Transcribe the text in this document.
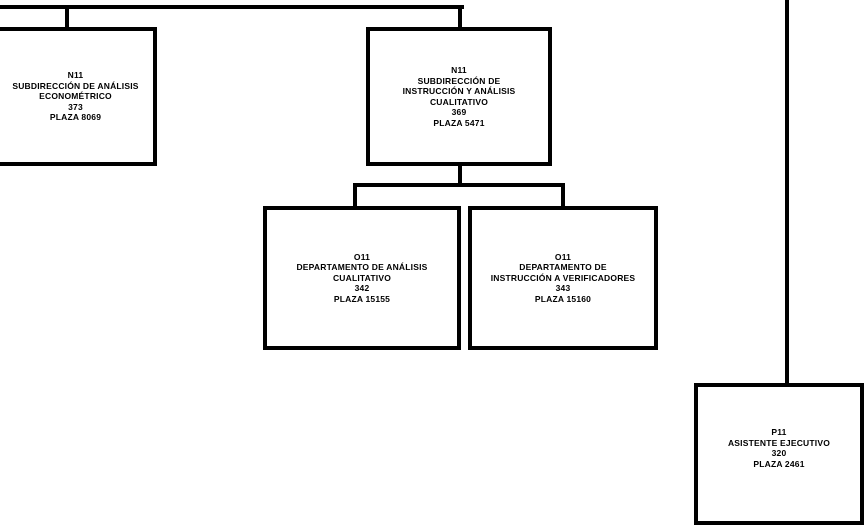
N11
SUBDIRECCIÓN DE ANÁLISIS
ECONOMÉTRICO
373
PLAZA 8069
N11
SUBDIRECCIÓN DE
INSTRUCCIÓN Y ANÁLISIS
CUALITATIVO
369
PLAZA 5471
O11
DEPARTAMENTO DE ANÁLISIS
CUALITATIVO
342
PLAZA 15155
O11
DEPARTAMENTO DE
INSTRUCCIÓN A VERIFICADORES
343
PLAZA 15160
P11
ASISTENTE EJECUTIVO
320
PLAZA 2461
